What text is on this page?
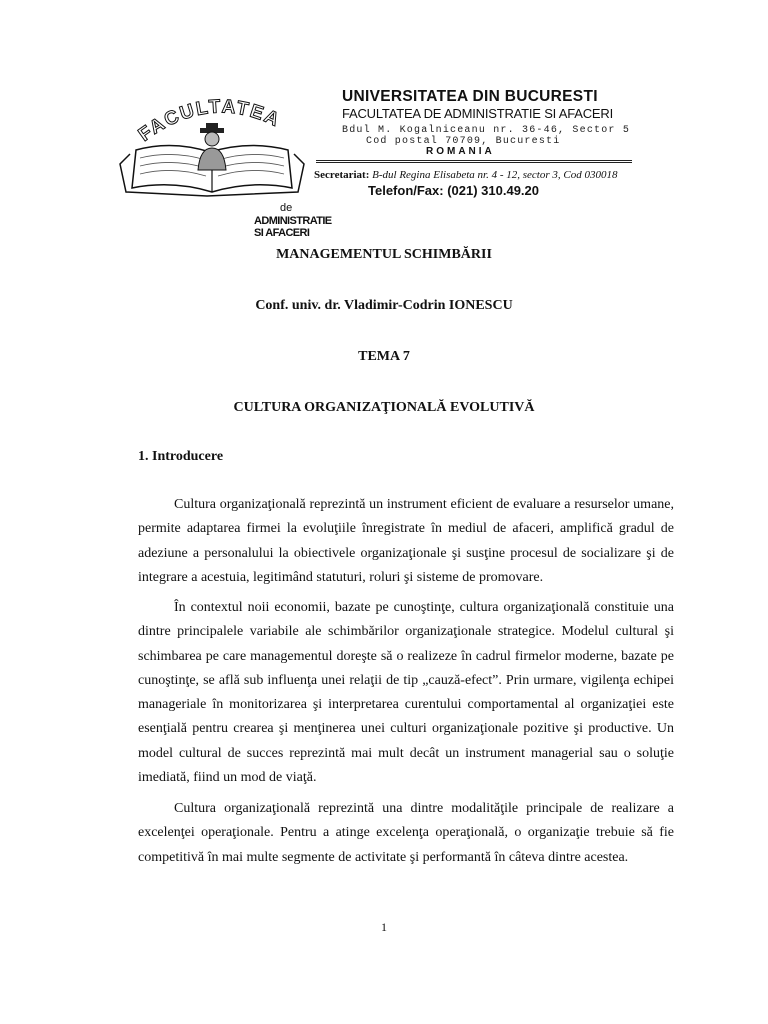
FACULTATEA
de
ADMINISTRATIE SI AFACERI
UNIVERSITATEA DIN BUCURESTI
FACULTATEA DE ADMINISTRATIE SI AFACERI
Bdul M. Kogalniceanu nr. 36-46, Sector 5
Cod postal 70709, Bucuresti
ROMANIA
Secretariat: B-dul Regina Elisabeta nr. 4 - 12, sector 3, Cod 030018
Telefon/Fax: (021) 310.49.20
MANAGEMENTUL SCHIMBĂRII
Conf. univ. dr. Vladimir-Codrin IONESCU
TEMA 7
CULTURA ORGANIZAŢIONALĂ EVOLUTIVĂ
1. Introducere

Cultura organizaţională reprezintă un instrument eficient de evaluare a resurselor umane, permite adaptarea firmei la evoluţiile înregistrate în mediul de afaceri, amplifică gradul de adeziune a personalului la obiectivele organizaţionale şi susţine procesul de socializare şi de integrare a acestuia, legitimând statuturi, roluri şi sisteme de promovare.

În contextul noii economii, bazate pe cunoştinţe, cultura organizaţională constituie una dintre principalele variabile ale schimbărilor organizaţionale strategice. Modelul cultural şi schimbarea pe care managementul doreşte să o realizeze în cadrul firmelor moderne, bazate pe cunoştinţe, se află sub influenţa unei relaţii de tip „cauză-efect”. Prin urmare, vigilenţa echipei manageriale în monitorizarea şi interpretarea curentului comportamental al organizaţiei este esenţială pentru crearea şi menţinerea unei culturi organizaţionale pozitive şi productive. Un model cultural de succes reprezintă mai mult decât un instrument managerial sau o soluţie imediată, fiind un mod de viaţă.

Cultura organizaţională reprezintă una dintre modalităţile principale de realizare a excelenţei operaţionale. Pentru a atinge excelenţa operaţională, o organizaţie trebuie să fie competitivă în mai multe segmente de activitate şi performantă în câteva dintre acestea.

1
